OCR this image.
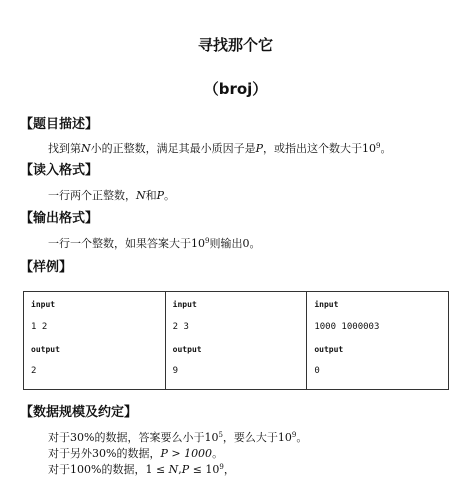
寻找那个它
（broj）
【题目描述】
找到第N小的正整数，满足其最小质因子是P，或指出这个数大于$10^9$。
【读入格式】
一行两个正整数，N和P。
【输出格式】
一行一个整数，如果答案大于$10^9$则输出0。
【样例】
input
1 2
output
2
input
2 3
output
9
input
1000 1000003
output
0
【数据规模及约定】
对于30%的数据，答案要么小于$10^5$，要么大于$10^9$。
对于另外30%的数据，P > 1000。
对于100%的数据，$1 \le N,P \le 10^9$，
